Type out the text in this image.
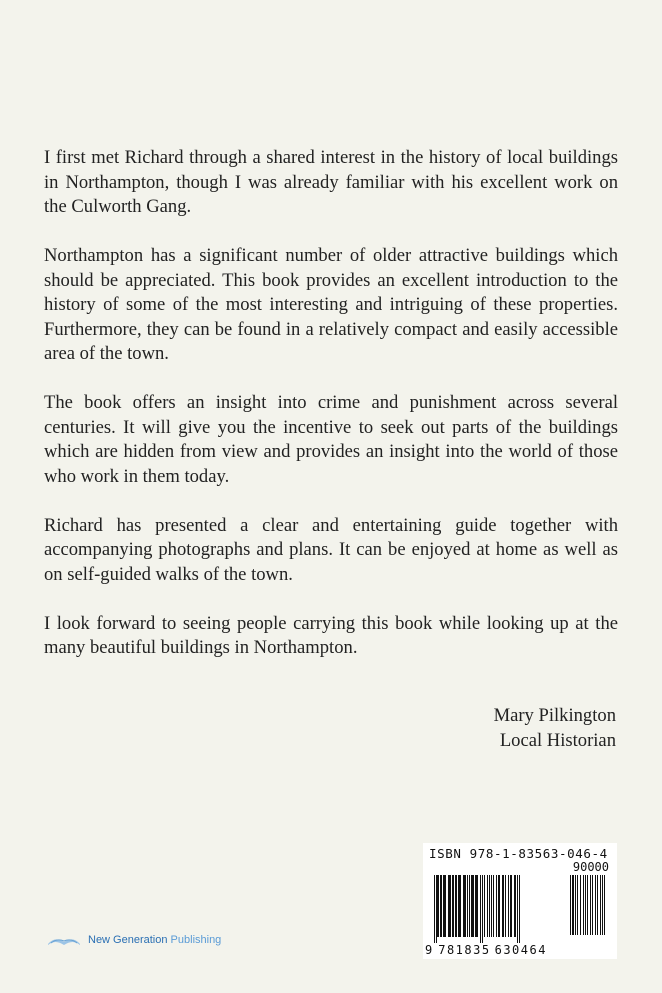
I first met Richard through a shared interest in the history of local buildings in Northampton, though I was already familiar with his excellent work on the Culworth Gang.

Northampton has a significant number of older attractive buildings which should be appreciated. This book provides an excellent introduction to the history of some of the most interesting and intriguing of these properties. Furthermore, they can be found in a relatively compact and easily accessible area of the town.

The book offers an insight into crime and punishment across several centuries. It will give you the incentive to seek out parts of the buildings which are hidden from view and provides an insight into the world of those who work in them today.

Richard has presented a clear and entertaining guide together with accompanying photographs and plans. It can be enjoyed at home as well as on self-guided walks of the town.

I look forward to seeing people carrying this book while looking up at the many beautiful buildings in Northampton.

Mary Pilkington
Local Historian
New Generation Publishing
ISBN 978-1-83563-046-4
90000
9 781835 630464
